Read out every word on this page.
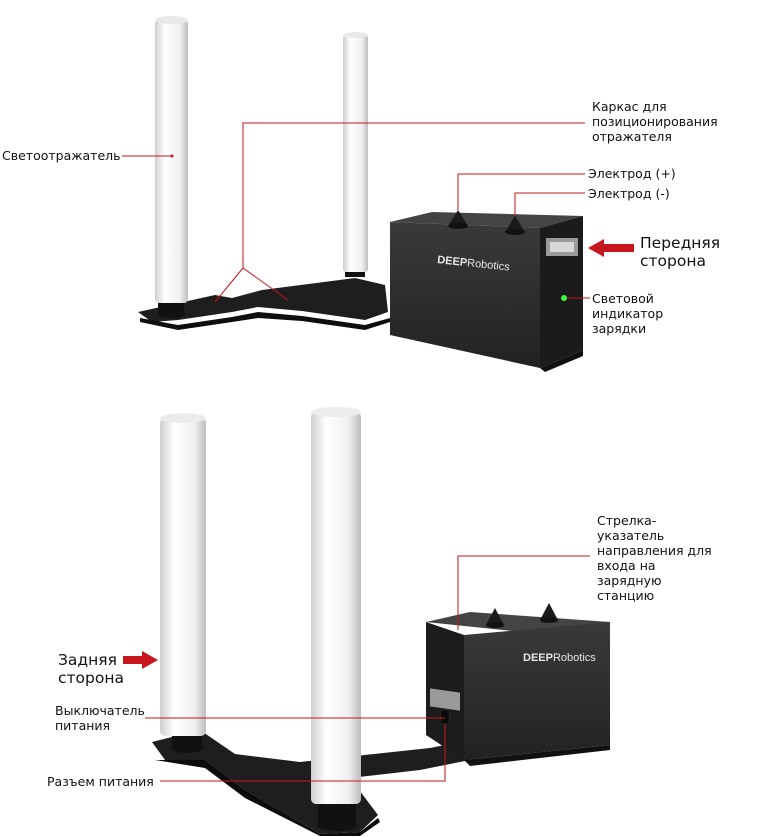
DEEPRobotics
DEEPRobotics
Светоотражатель
Каркас для
позиционирования
отражателя
Электрод (+)
Электрод (-)
Передняя
сторона
Световой
индикатор
зарядки
Стрелка-
указатель
направления для
входа на
зарядную
станцию
Задняя
сторона
Выключатель
питания
Разъем питания
